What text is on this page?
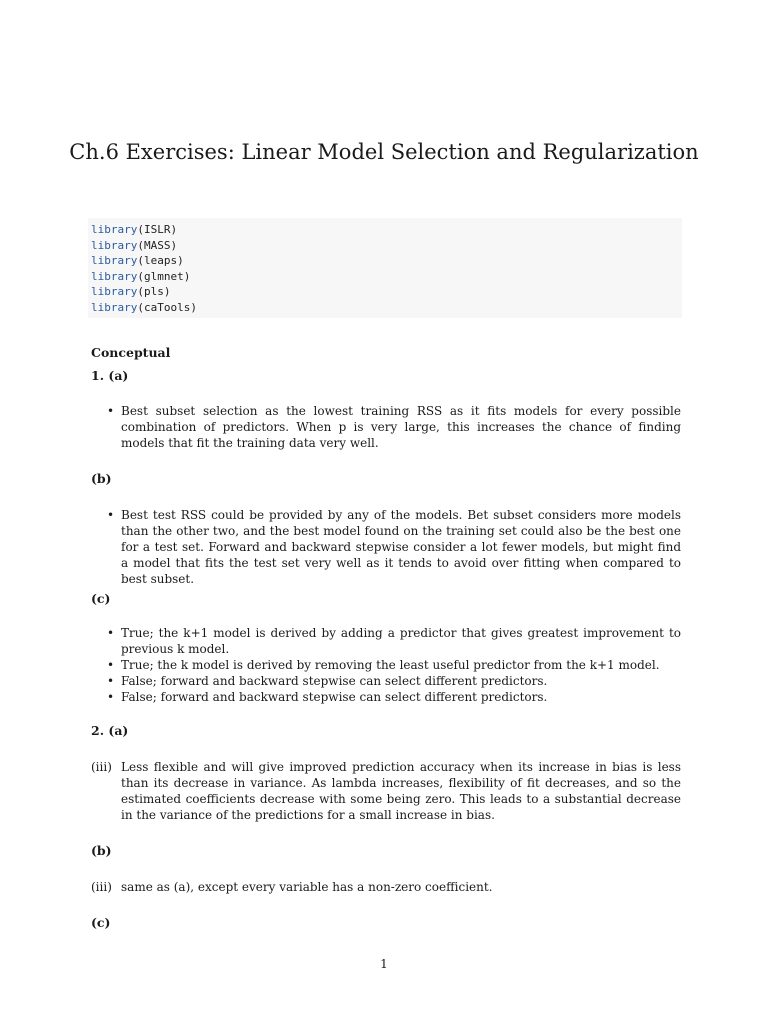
Ch.6 Exercises: Linear Model Selection and Regularization
library(ISLR)
library(MASS)
library(leaps)
library(glmnet)
library(pls)
library(caTools)
Conceptual
1. (a)
• Best subset selection as the lowest training RSS as it fits models for every possible combination of predictors. When p is very large, this increases the chance of finding models that fit the training data very well.
(b)
• Best test RSS could be provided by any of the models. Bet subset considers more models than the other two, and the best model found on the training set could also be the best one for a test set. Forward and backward stepwise consider a lot fewer models, but might find a model that fits the test set very well as it tends to avoid over fitting when compared to best subset.
(c)
• True; the k+1 model is derived by adding a predictor that gives greatest improvement to previous k model.
• True; the k model is derived by removing the least useful predictor from the k+1 model.
• False; forward and backward stepwise can select different predictors.
• False; forward and backward stepwise can select different predictors.
2. (a)
(iii) Less flexible and will give improved prediction accuracy when its increase in bias is less than its decrease in variance. As lambda increases, flexibility of fit decreases, and so the estimated coefficients decrease with some being zero. This leads to a substantial decrease in the variance of the predictions for a small increase in bias.
(b)
(iii) same as (a), except every variable has a non-zero coefficient.
(c)
1
